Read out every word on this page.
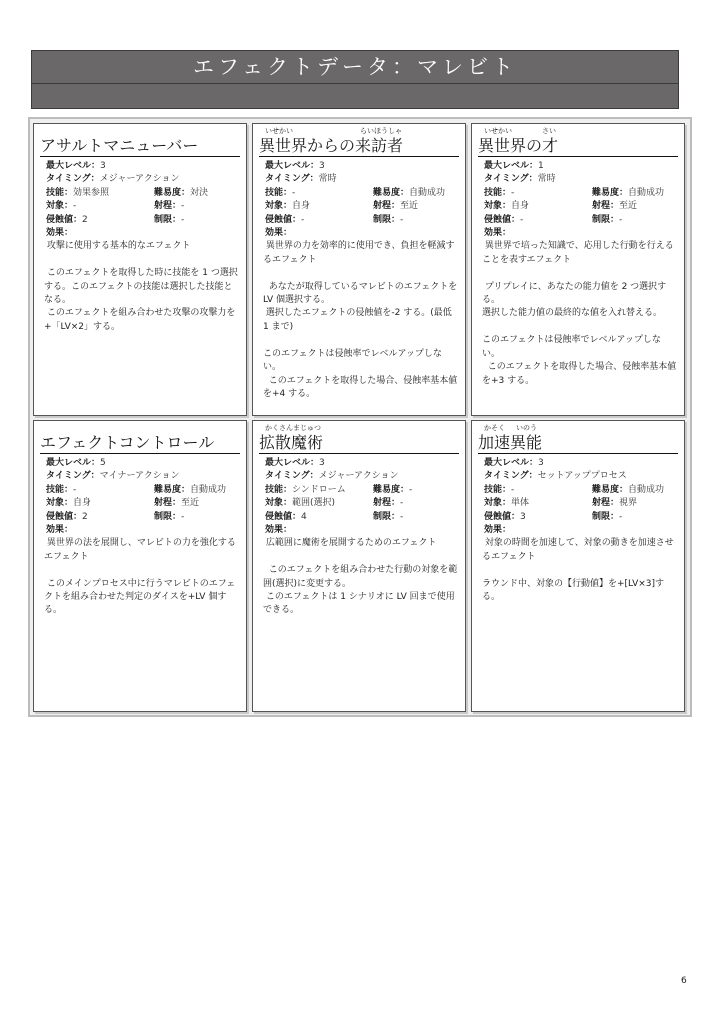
エフェクトデータ：マレビト
アサルトマニューバー
最大レベル：3
タイミング：メジャーアクション
技能：効果参照	難易度：対決
対象：-	射程：-
侵蝕値：2	制限：-
効果：
攻撃に使用する基本的なエフェクト

このエフェクトを取得した時に技能を 1 つ選択する。このエフェクトの技能は選択した技能となる。
このエフェクトを組み合わせた攻撃の攻撃力を+「LV×2」する。
いせかい	らいほうしゃ
異世界からの来訪者
最大レベル：3
タイミング：常時
技能：-	難易度：自動成功
対象：自身	射程：至近
侵蝕値：-	制限：-
効果：
異世界の力を効率的に使用でき、負担を軽減するエフェクト

あなたが取得しているマレビトのエフェクトを LV 個選択する。
選択したエフェクトの侵蝕値を-2 する。(最低 1 まで)

このエフェクトは侵蝕率でレベルアップしない。
このエフェクトを取得した場合、侵蝕率基本値を+4 する。
いせかい	さい
異世界の才
最大レベル：1
タイミング：常時
技能：-	難易度：自動成功
対象：自身	射程：至近
侵蝕値：-	制限：-
効果：
異世界で培った知識で、応用した行動を行えることを表すエフェクト

プリプレイに、あなたの能力値を 2 つ選択する。
選択した能力値の最終的な値を入れ替える。

このエフェクトは侵蝕率でレベルアップしない。
このエフェクトを取得した場合、侵蝕率基本値を+3 する。
エフェクトコントロール
最大レベル：5
タイミング：マイナーアクション
技能：-	難易度：自動成功
対象：自身	射程：至近
侵蝕値：2	制限：-
効果：
異世界の法を展開し、マレビトの力を強化するエフェクト

このメインプロセス中に行うマレビトのエフェクトを組み合わせた判定のダイスを+LV 個する。
かくさんまじゅつ
拡散魔術
最大レベル：3
タイミング：メジャーアクション
技能：シンドローム	難易度：-
対象：範囲(選択)	射程：-
侵蝕値：4	制限：-
効果：
広範囲に魔術を展開するためのエフェクト

このエフェクトを組み合わせた行動の対象を範囲(選択)に変更する。
このエフェクトは 1 シナリオに LV 回まで使用できる。
かそく いのう
加速異能
最大レベル：3
タイミング：セットアッププロセス
技能：-	難易度：自動成功
対象：単体	射程：視界
侵蝕値：3	制限：-
効果：
対象の時間を加速して、対象の動きを加速させるエフェクト

ラウンド中、対象の【行動値】を+[LV×3]する。
6
